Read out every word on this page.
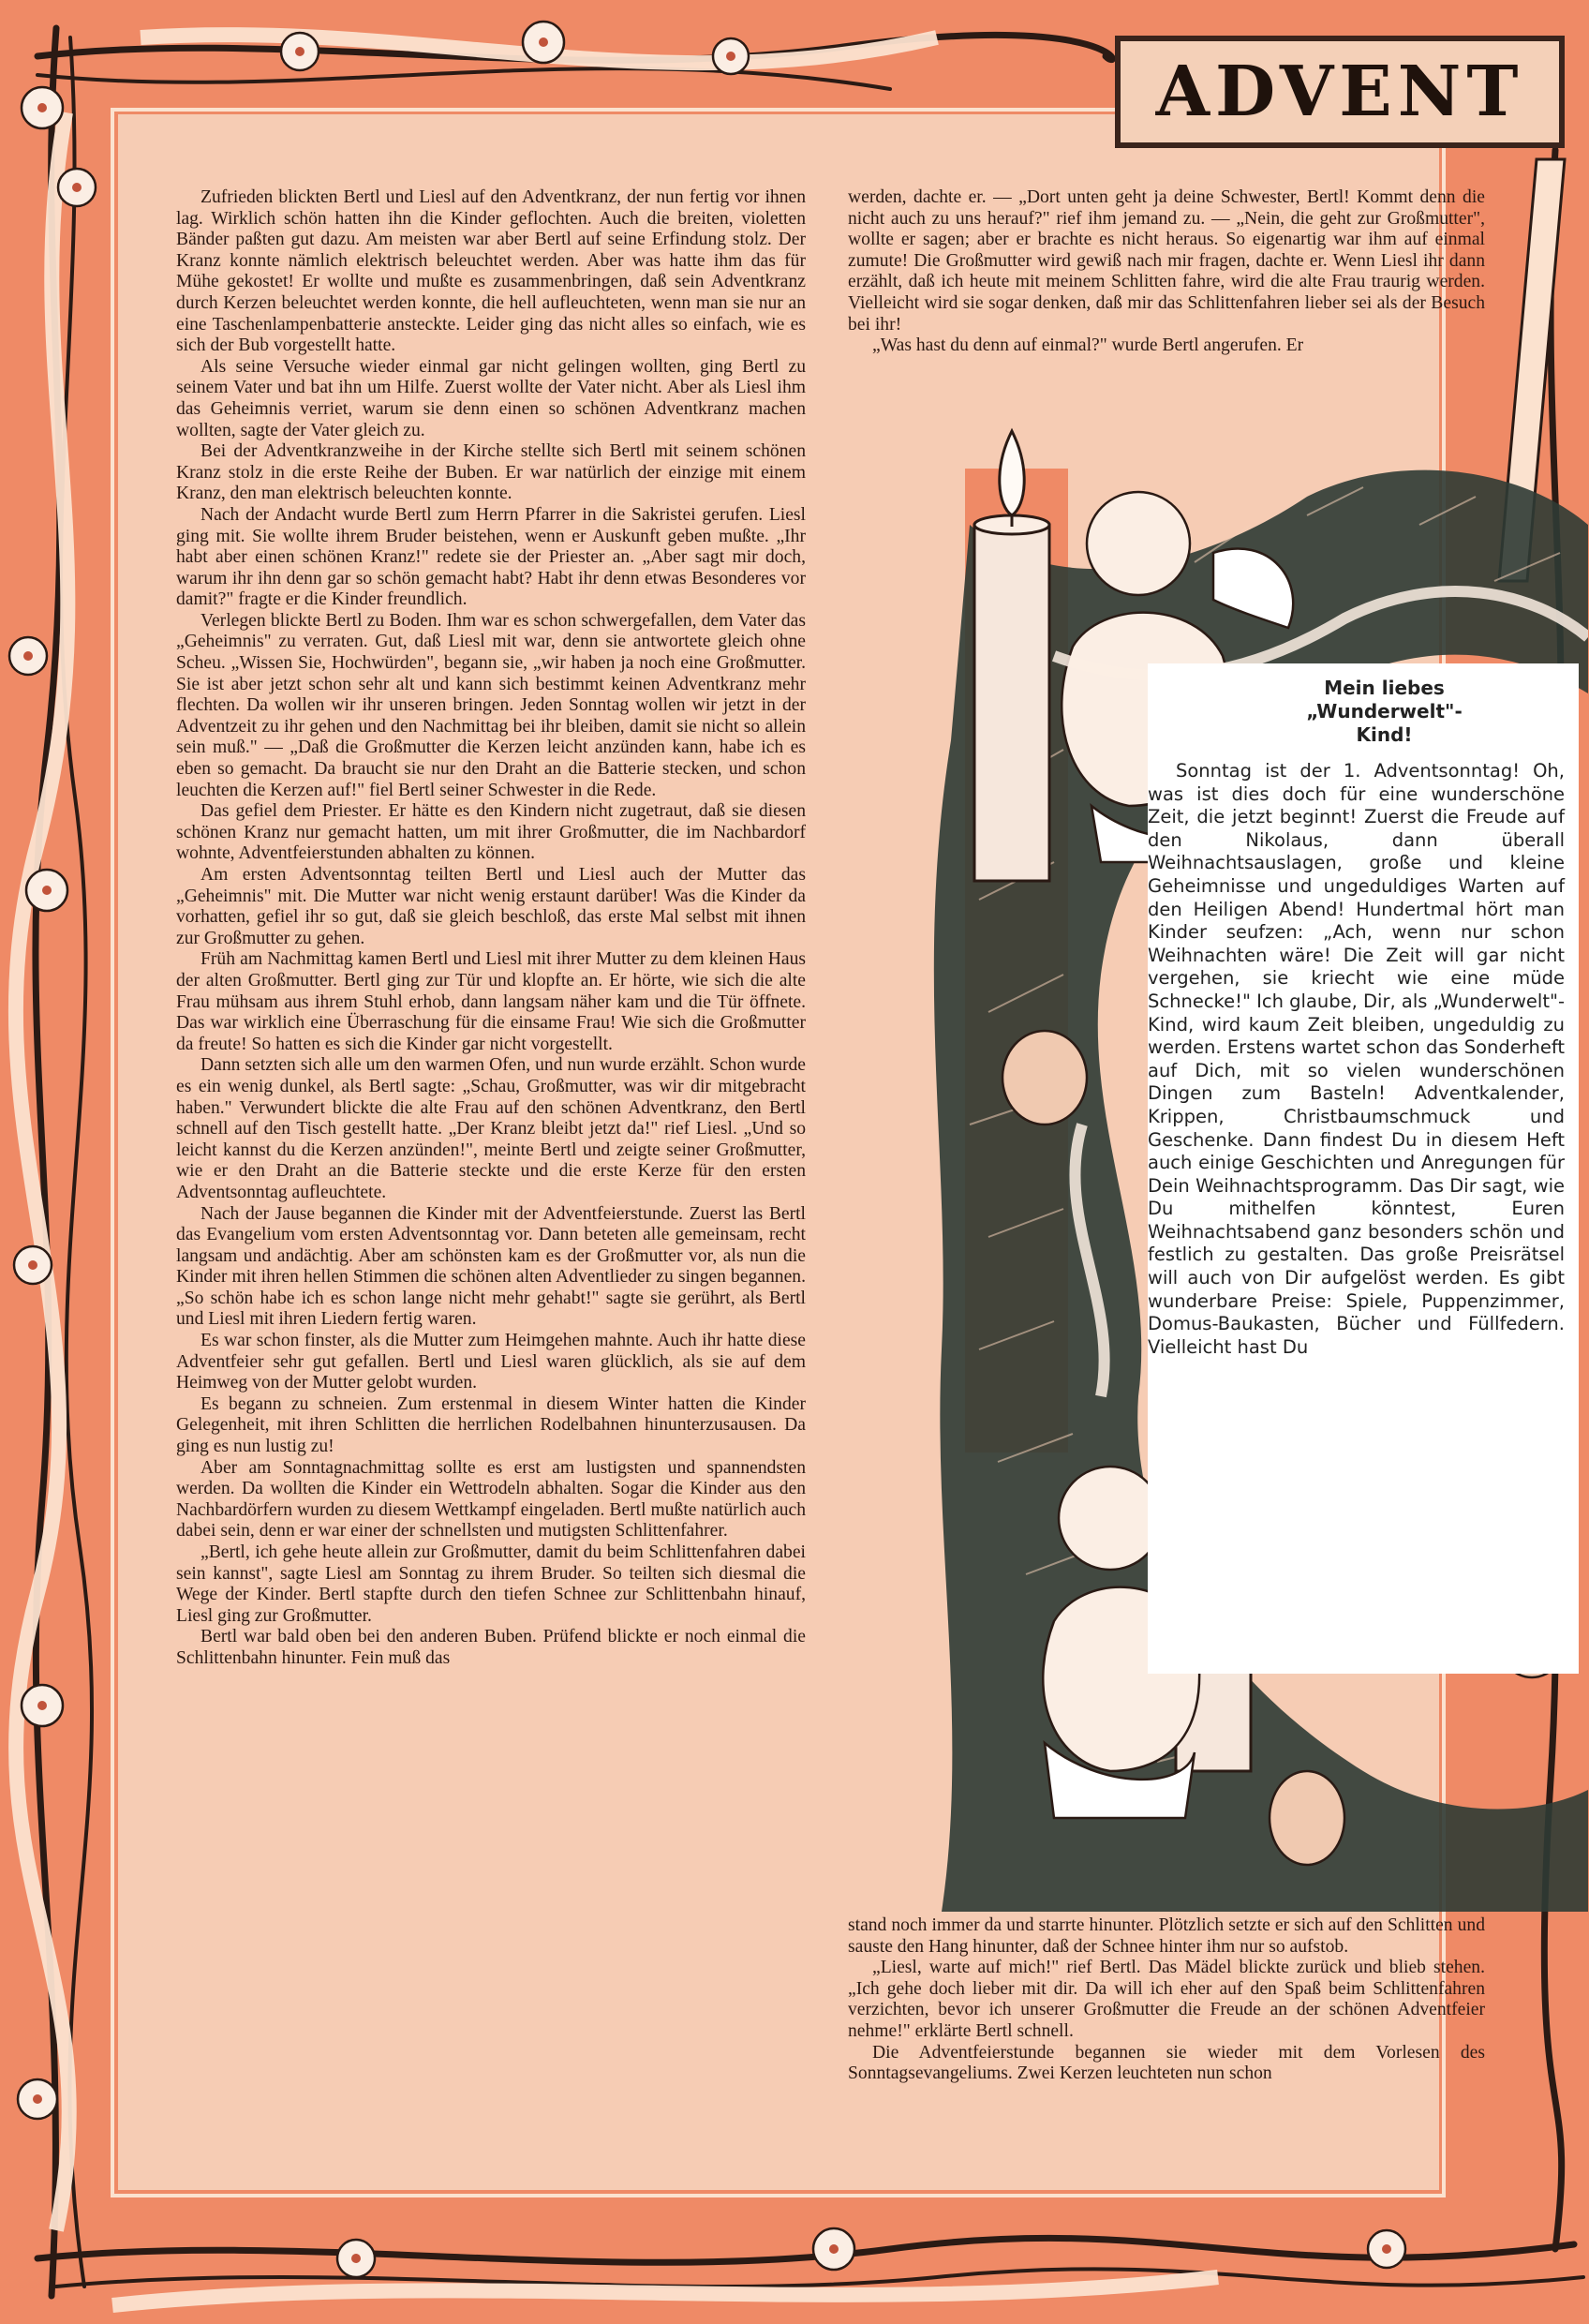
ADVENT

Zufrieden blickten Bertl und Liesl auf den Adventkranz, der nun fertig vor ihnen lag. Wirklich schön hatten ihn die Kinder geflochten. Auch die breiten, violetten Bänder paßten gut dazu. Am meisten war aber Bertl auf seine Erfindung stolz. Der Kranz konnte nämlich elektrisch beleuchtet werden. Aber was hatte ihm das für Mühe gekostet! Er wollte und mußte es zusammenbringen, daß sein Adventkranz durch Kerzen beleuchtet werden konnte, die hell aufleuchteten, wenn man sie nur an eine Taschenlampenbatterie ansteckte. Leider ging das nicht alles so einfach, wie es sich der Bub vorgestellt hatte.

Als seine Versuche wieder einmal gar nicht gelingen wollten, ging Bertl zu seinem Vater und bat ihn um Hilfe. Zuerst wollte der Vater nicht. Aber als Liesl ihm das Geheimnis verriet, warum sie denn einen so schönen Adventkranz machen wollten, sagte der Vater gleich zu.

Bei der Adventkranzweihe in der Kirche stellte sich Bertl mit seinem schönen Kranz stolz in die erste Reihe der Buben. Er war natürlich der einzige mit einem Kranz, den man elektrisch beleuchten konnte.

Nach der Andacht wurde Bertl zum Herrn Pfarrer in die Sakristei gerufen. Liesl ging mit. Sie wollte ihrem Bruder beistehen, wenn er Auskunft geben mußte. „Ihr habt aber einen schönen Kranz!" redete sie der Priester an. „Aber sagt mir doch, warum ihr ihn denn gar so schön gemacht habt? Habt ihr denn etwas Besonderes vor damit?" fragte er die Kinder freundlich.

Verlegen blickte Bertl zu Boden. Ihm war es schon schwergefallen, dem Vater das „Geheimnis" zu verraten. Gut, daß Liesl mit war, denn sie antwortete gleich ohne Scheu. „Wissen Sie, Hochwürden", begann sie, „wir haben ja noch eine Großmutter. Sie ist aber jetzt schon sehr alt und kann sich bestimmt keinen Adventkranz mehr flechten. Da wollen wir ihr unseren bringen. Jeden Sonntag wollen wir jetzt in der Adventzeit zu ihr gehen und den Nachmittag bei ihr bleiben, damit sie nicht so allein sein muß." — „Daß die Großmutter die Kerzen leicht anzünden kann, habe ich es eben so gemacht. Da braucht sie nur den Draht an die Batterie stecken, und schon leuchten die Kerzen auf!" fiel Bertl seiner Schwester in die Rede.

Das gefiel dem Priester. Er hätte es den Kindern nicht zugetraut, daß sie diesen schönen Kranz nur gemacht hatten, um mit ihrer Großmutter, die im Nachbardorf wohnte, Adventfeierstunden abhalten zu können.

Am ersten Adventsonntag teilten Bertl und Liesl auch der Mutter das „Geheimnis" mit. Die Mutter war nicht wenig erstaunt darüber! Was die Kinder da vorhatten, gefiel ihr so gut, daß sie gleich beschloß, das erste Mal selbst mit ihnen zur Großmutter zu gehen.

Früh am Nachmittag kamen Bertl und Liesl mit ihrer Mutter zu dem kleinen Haus der alten Großmutter. Bertl ging zur Tür und klopfte an. Er hörte, wie sich die alte Frau mühsam aus ihrem Stuhl erhob, dann langsam näher kam und die Tür öffnete. Das war wirklich eine Überraschung für die einsame Frau! Wie sich die Großmutter da freute! So hatten es sich die Kinder gar nicht vorgestellt.

Dann setzten sich alle um den warmen Ofen, und nun wurde erzählt. Schon wurde es ein wenig dunkel, als Bertl sagte: „Schau, Großmutter, was wir dir mitgebracht haben." Verwundert blickte die alte Frau auf den schönen Adventkranz, den Bertl schnell auf den Tisch gestellt hatte. „Der Kranz bleibt jetzt da!" rief Liesl. „Und so leicht kannst du die Kerzen anzünden!", meinte Bertl und zeigte seiner Großmutter, wie er den Draht an die Batterie steckte und die erste Kerze für den ersten Adventsonntag aufleuchtete.

Nach der Jause begannen die Kinder mit der Adventfeierstunde. Zuerst las Bertl das Evangelium vom ersten Adventsonntag vor. Dann beteten alle gemeinsam, recht langsam und andächtig. Aber am schönsten kam es der Großmutter vor, als nun die Kinder mit ihren hellen Stimmen die schönen alten Adventlieder zu singen begannen. „So schön habe ich es schon lange nicht mehr gehabt!" sagte sie gerührt, als Bertl und Liesl mit ihren Liedern fertig waren.

Es war schon finster, als die Mutter zum Heimgehen mahnte. Auch ihr hatte diese Adventfeier sehr gut gefallen. Bertl und Liesl waren glücklich, als sie auf dem Heimweg von der Mutter gelobt wurden.

Es begann zu schneien. Zum erstenmal in diesem Winter hatten die Kinder Gelegenheit, mit ihren Schlitten die herrlichen Rodelbahnen hinunterzusausen. Da ging es nun lustig zu!

Aber am Sonntagnachmittag sollte es erst am lustigsten und spannendsten werden. Da wollten die Kinder ein Wettrodeln abhalten. Sogar die Kinder aus den Nachbardörfern wurden zu diesem Wettkampf eingeladen. Bertl mußte natürlich auch dabei sein, denn er war einer der schnellsten und mutigsten Schlittenfahrer.

„Bertl, ich gehe heute allein zur Großmutter, damit du beim Schlittenfahren dabei sein kannst", sagte Liesl am Sonntag zu ihrem Bruder. So teilten sich diesmal die Wege der Kinder. Bertl stapfte durch den tiefen Schnee zur Schlittenbahn hinauf, Liesl ging zur Großmutter.

Bertl war bald oben bei den anderen Buben. Prüfend blickte er noch einmal die Schlittenbahn hinunter. Fein muß das

werden, dachte er. — „Dort unten geht ja deine Schwester, Bertl! Kommt denn die nicht auch zu uns herauf?" rief ihm jemand zu. — „Nein, die geht zur Großmutter", wollte er sagen; aber er brachte es nicht heraus. So eigenartig war ihm auf einmal zumute! Die Großmutter wird gewiß nach mir fragen, dachte er. Wenn Liesl ihr dann erzählt, daß ich heute mit meinem Schlitten fahre, wird die alte Frau traurig werden. Vielleicht wird sie sogar denken, daß mir das Schlittenfahren lieber sei als der Besuch bei ihr!

„Was hast du denn auf einmal?" wurde Bertl angerufen. Er

stand noch immer da und starrte hinunter. Plötzlich setzte er sich auf den Schlitten und sauste den Hang hinunter, daß der Schnee hinter ihm nur so aufstob.

„Liesl, warte auf mich!" rief Bertl. Das Mädel blickte zurück und blieb stehen. „Ich gehe doch lieber mit dir. Da will ich eher auf den Spaß beim Schlittenfahren verzichten, bevor ich unserer Großmutter die Freude an der schönen Adventfeier nehme!" erklärte Bertl schnell.

Die Adventfeierstunde begannen sie wieder mit dem Vorlesen des Sonntagsevangeliums. Zwei Kerzen leuchteten nun schon

Mein liebes
„Wunderwelt"-
Kind!

Sonntag ist der 1. Adventsonntag! Oh, was ist dies doch für eine wunderschöne Zeit, die jetzt beginnt! Zuerst die Freude auf den Nikolaus, dann überall Weihnachtsauslagen, große und kleine Geheimnisse und ungeduldiges Warten auf den Heiligen Abend! Hundertmal hört man Kinder seufzen: „Ach, wenn nur schon Weihnachten wäre! Die Zeit will gar nicht vergehen, sie kriecht wie eine müde Schnecke!" Ich glaube, Dir, als „Wunderwelt"-Kind, wird kaum Zeit bleiben, ungeduldig zu werden. Erstens wartet schon das Sonderheft auf Dich, mit so vielen wunderschönen Dingen zum Basteln! Adventkalender, Krippen, Christbaumschmuck und Geschenke. Dann findest Du in diesem Heft auch einige Geschichten und Anregungen für Dein Weihnachtsprogramm. Das Dir sagt, wie Du mithelfen könntest, Euren Weihnachtsabend ganz besonders schön und festlich zu gestalten. Das große Preisrätsel will auch von Dir aufgelöst werden. Es gibt wunderbare Preise: Spiele, Puppenzimmer, Domus-Baukasten, Bücher und Füllfedern. Vielleicht hast Du
